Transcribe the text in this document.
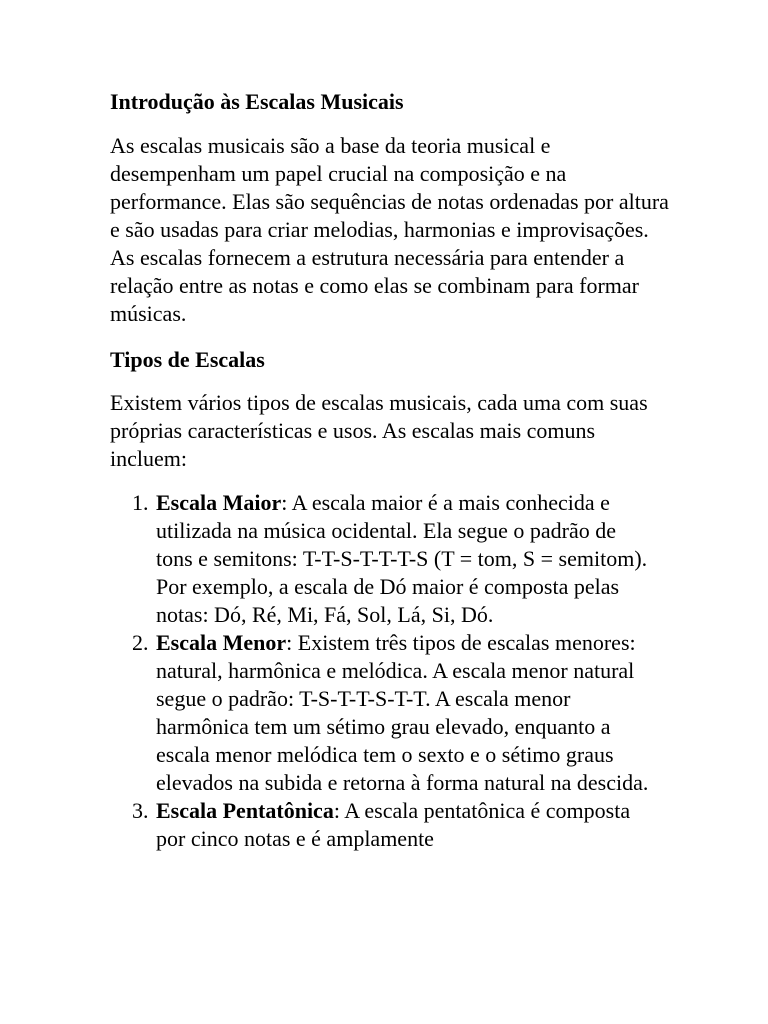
Introdução às Escalas Musicais

As escalas musicais são a base da teoria musical e desempenham um papel crucial na composição e na performance. Elas são sequências de notas ordenadas por altura e são usadas para criar melodias, harmonias e improvisações. As escalas fornecem a estrutura necessária para entender a relação entre as notas e como elas se combinam para formar músicas.

Tipos de Escalas

Existem vários tipos de escalas musicais, cada uma com suas próprias características e usos. As escalas mais comuns incluem:

1. Escala Maior: A escala maior é a mais conhecida e utilizada na música ocidental. Ela segue o padrão de tons e semitons: T-T-S-T-T-T-S (T = tom, S = semitom). Por exemplo, a escala de Dó maior é composta pelas notas: Dó, Ré, Mi, Fá, Sol, Lá, Si, Dó.
2. Escala Menor: Existem três tipos de escalas menores: natural, harmônica e melódica. A escala menor natural segue o padrão: T-S-T-T-S-T-T. A escala menor harmônica tem um sétimo grau elevado, enquanto a escala menor melódica tem o sexto e o sétimo graus elevados na subida e retorna à forma natural na descida.
3. Escala Pentatônica: A escala pentatônica é composta por cinco notas e é amplamente
